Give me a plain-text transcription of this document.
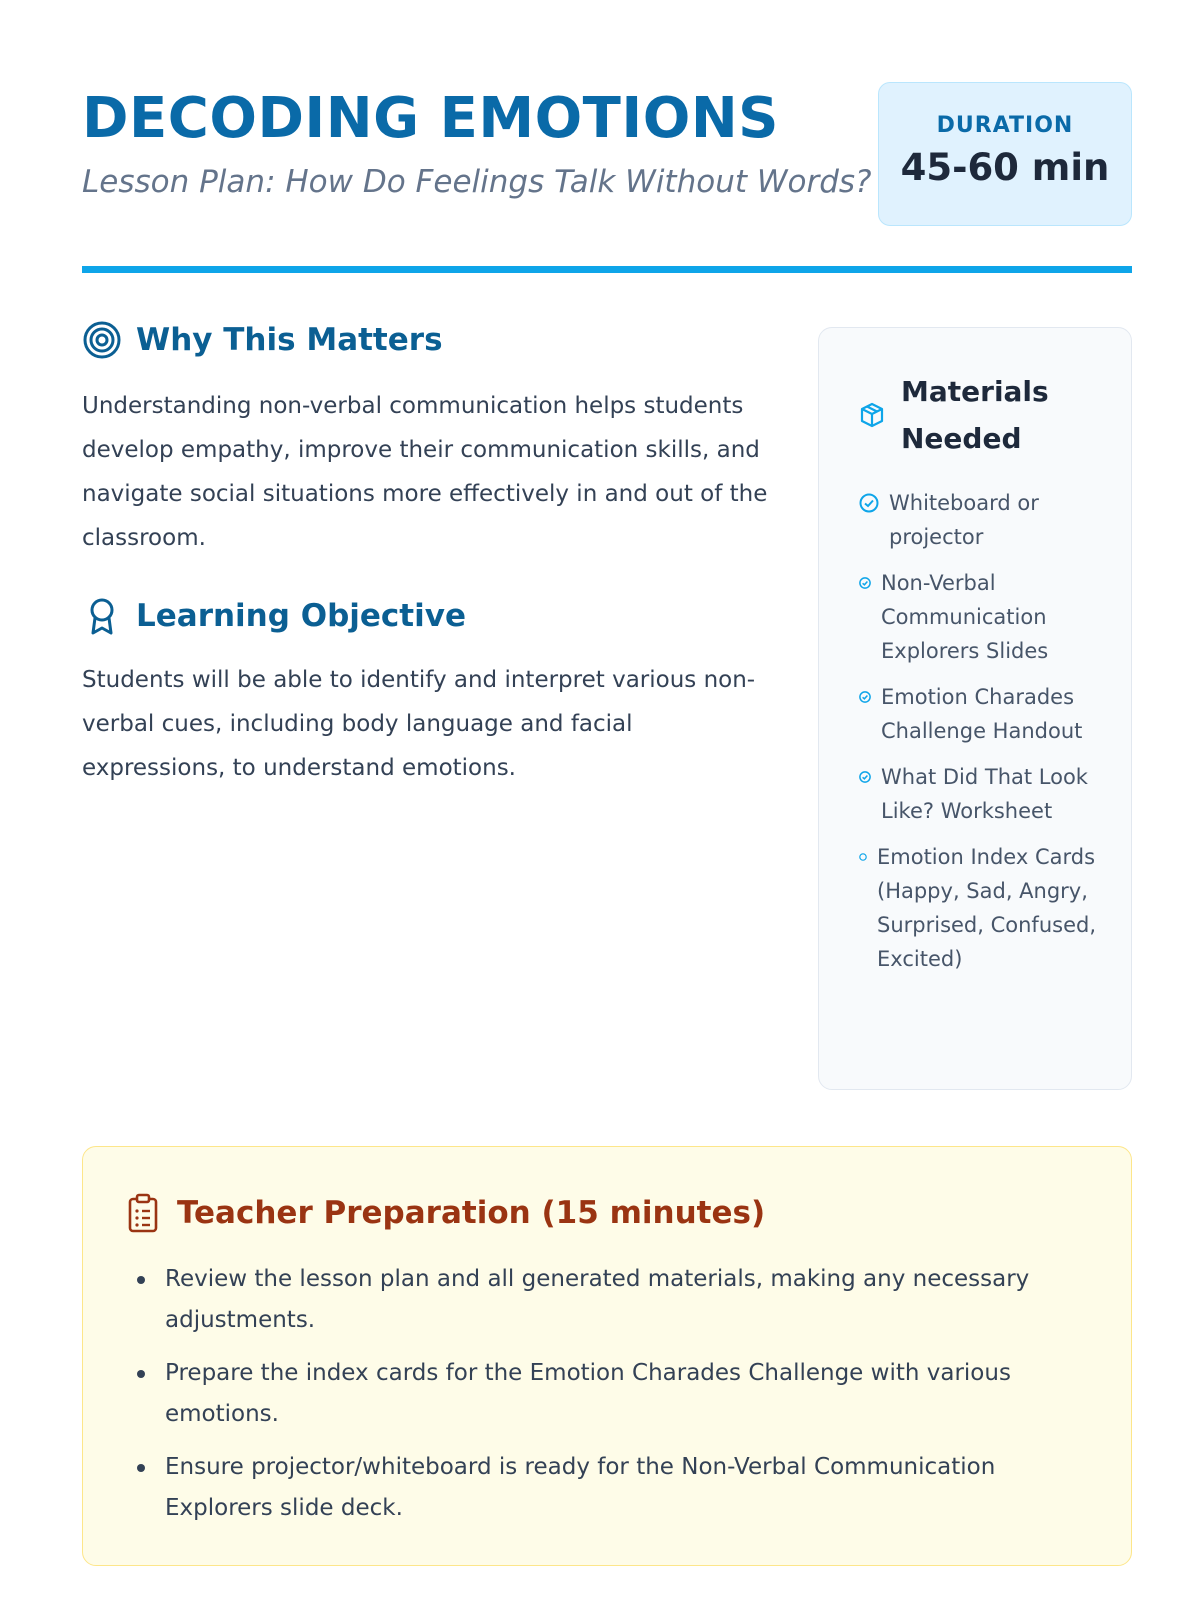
DECODING EMOTIONS
Lesson Plan: How Do Feelings Talk Without Words?
DURATION
45-60 min
Why This Matters

Understanding non-verbal communication helps students develop empathy, improve their communication skills, and navigate social situations more effectively in and out of the classroom.

Learning Objective

Students will be able to identify and interpret various non-verbal cues, including body language and facial expressions, to understand emotions.

Materials Needed
Whiteboard or projector
Non-Verbal Communication Explorers Slides
Emotion Charades Challenge Handout
What Did That Look Like? Worksheet
Emotion Index Cards (Happy, Sad, Angry, Surprised, Confused, Excited)
Teacher Preparation (15 minutes)
Review the lesson plan and all generated materials, making any necessary adjustments.
Prepare the index cards for the Emotion Charades Challenge with various emotions.
Ensure projector/whiteboard is ready for the Non-Verbal Communication Explorers slide deck.
